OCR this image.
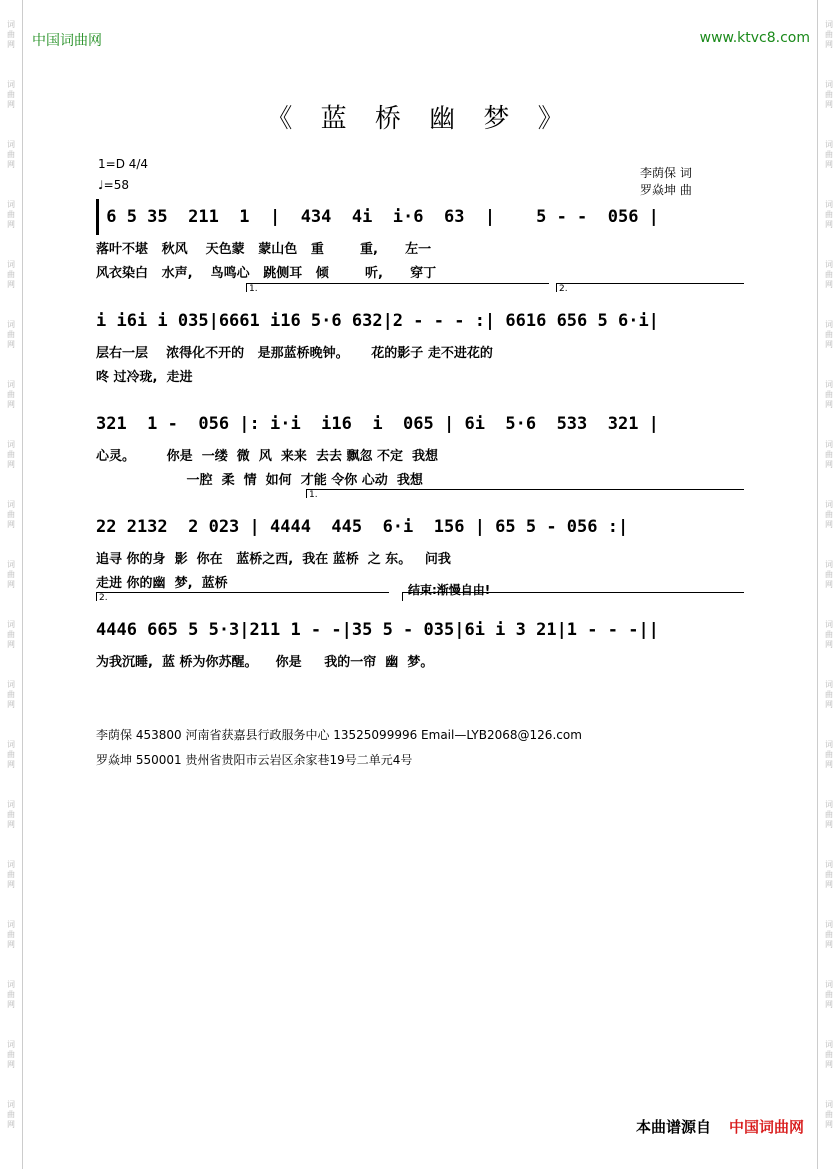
词
曲
网
词
曲
网
词
曲
网
词
曲
网
词
曲
网
词
曲
网
词
曲
网
词
曲
网
词
曲
网
词
曲
网
词
曲
网
词
曲
网
词
曲
网
词
曲
网
词
曲
网
词
曲
网
词
曲
网
词
曲
网
词
曲
网
词
曲
网
词
曲
网
词
曲
网
词
曲
网
词
曲
网
词
曲
网
词
曲
网
词
曲
网
词
曲
网
词
曲
网
词
曲
网
词
曲
网
词
曲
网
词
曲
网
词
曲
网
词
曲
网
词
曲
网
词
曲
网
词
曲
网
中国词曲网	www.ktvc8.com
《 蓝 桥 幽 梦 》
1=D 4/4
♩=58
李荫保 词
罗焱坤 曲
6 5 35  211  1  |  434  4i  i·6  63  |    5 - -  056 |
落叶不堪   秋风    天色蒙   蒙山色   重        重,      左一
风衣染白   水声,    鸟鸣心   跳侧耳   倾        听,      穿丁
1.	2.
i i6i i 035|6661 i16 5·6 632|2 - - - :| 6616 656 5 6·i|
层右一层    浓得化不开的   是那蓝桥晚钟。     花的影子 走不进花的
咚 过冷珑,  走进
321  1 -  056 |: i·i  i16  i  065 | 6i  5·6  533  321 |
心灵。       你是  一缕  微  风  来来  去去 飘忽 不定  我想
一腔  柔  情  如何  才能 令你 心动  我想
1.
22 2132  2 023 | 4444  445  6·i  156 | 65 5 - 056 :|
追寻 你的身  影  你在   蓝桥之西,  我在 蓝桥  之 东。   问我
走进 你的幽  梦,  蓝桥	结束:渐慢自由!
2.
4446 665 5 5·3|211 1 - -|35 5 - 035|6i i 3 21|1 - - -||
为我沉睡,  蓝 桥为你苏醒。    你是     我的一帘  幽  梦。
李荫保 453800 河南省获嘉县行政服务中心 13525099996 Email—LYB2068@126.com
罗焱坤 550001 贵州省贵阳市云岩区余家巷19号二单元4号
本曲谱源自 中国词曲网
